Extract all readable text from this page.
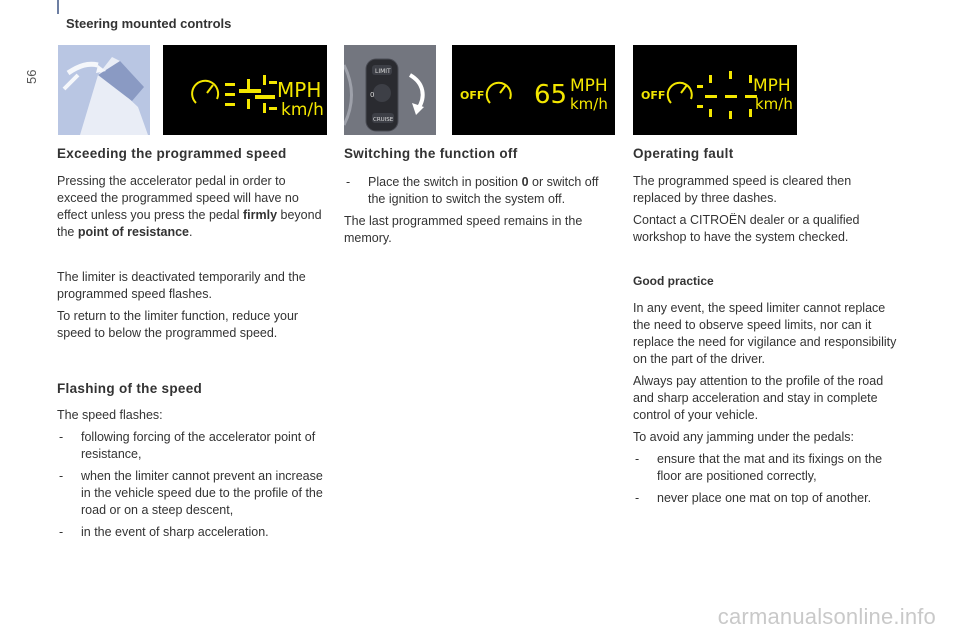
56
Steering mounted controls
MPH
km/h
LIMIT
0
CRUISE
OFF 65 MPH
km/h	OFF	MPH
km/h
Exceeding the programmed speed

Pressing the accelerator pedal in order to exceed the programmed speed will have no effect unless you press the pedal firmly beyond the point of resistance.

The limiter is deactivated temporarily and the programmed speed flashes.

To return to the limiter function, reduce your speed to below the programmed speed.

Flashing of the speed

The speed flashes:

- following forcing of the accelerator point of resistance,
- when the limiter cannot prevent an increase in the vehicle speed due to the profile of the road or on a steep descent,
- in the event of sharp acceleration.
Switching the function off
- Place the switch in position 0 or switch off the ignition to switch the system off.

The last programmed speed remains in the memory.

Operating fault

The programmed speed is cleared then replaced by three dashes.

Contact a CITROËN dealer or a qualified workshop to have the system checked.

Good practice

In any event, the speed limiter cannot replace the need to observe speed limits, nor can it replace the need for vigilance and responsibility on the part of the driver.

Always pay attention to the profile of the road and sharp acceleration and stay in complete control of your vehicle.

To avoid any jamming under the pedals:

- ensure that the mat and its fixings on the floor are positioned correctly,
- never place one mat on top of another.
carmanualsonline.info
